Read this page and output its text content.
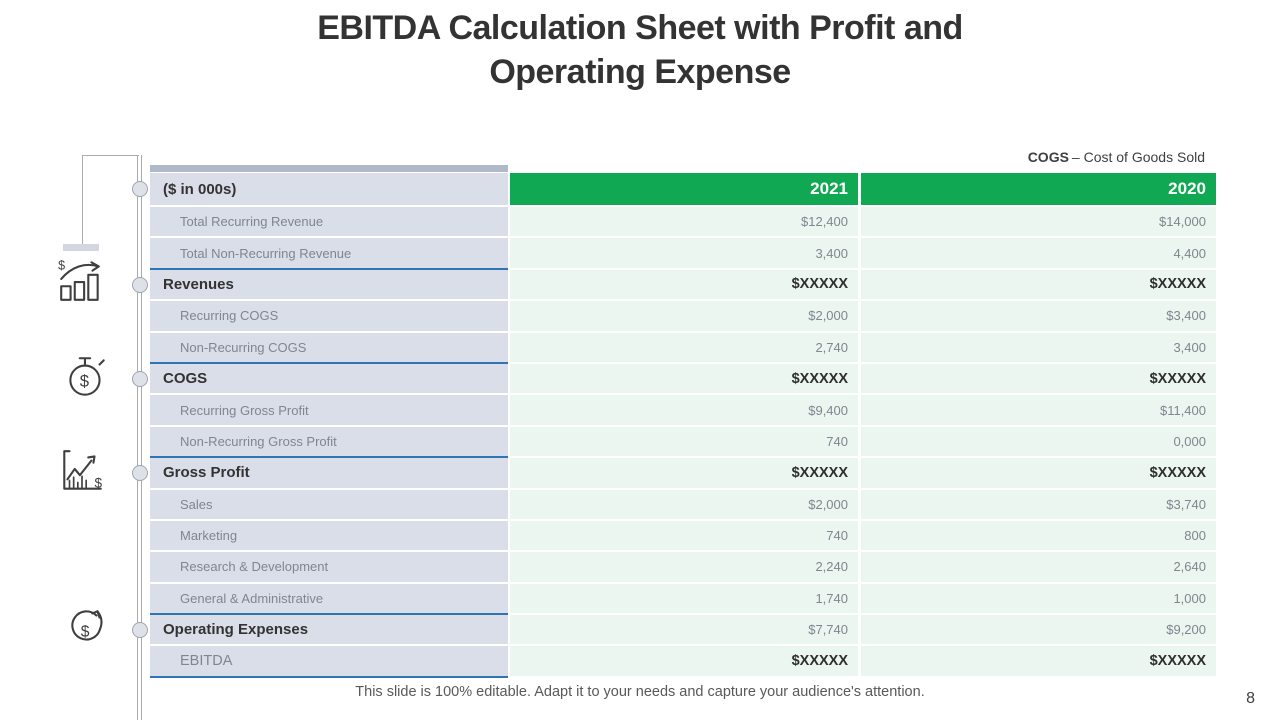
EBITDA Calculation Sheet with Profit and Operating Expense
COGS – Cost of Goods Sold
$
$
$
$
($ in 000s)	2021	2020
Total Recurring Revenue	$12,400	$14,000
Total Non-Recurring Revenue	3,400	4,400
Revenues	$XXXXX	$XXXXX
Recurring COGS	$2,000	$3,400
Non-Recurring COGS	2,740	3,400
COGS	$XXXXX	$XXXXX
Recurring Gross Profit	$9,400	$11,400
Non-Recurring Gross Profit	740	0,000
Gross Profit	$XXXXX	$XXXXX
Sales	$2,000	$3,740
Marketing	740	800
Research & Development	2,240	2,640
General & Administrative	1,740	1,000
Operating Expenses	$7,740	$9,200
EBITDA	$XXXXX	$XXXXX
This slide is 100% editable. Adapt it to your needs and capture your audience's attention.	8
